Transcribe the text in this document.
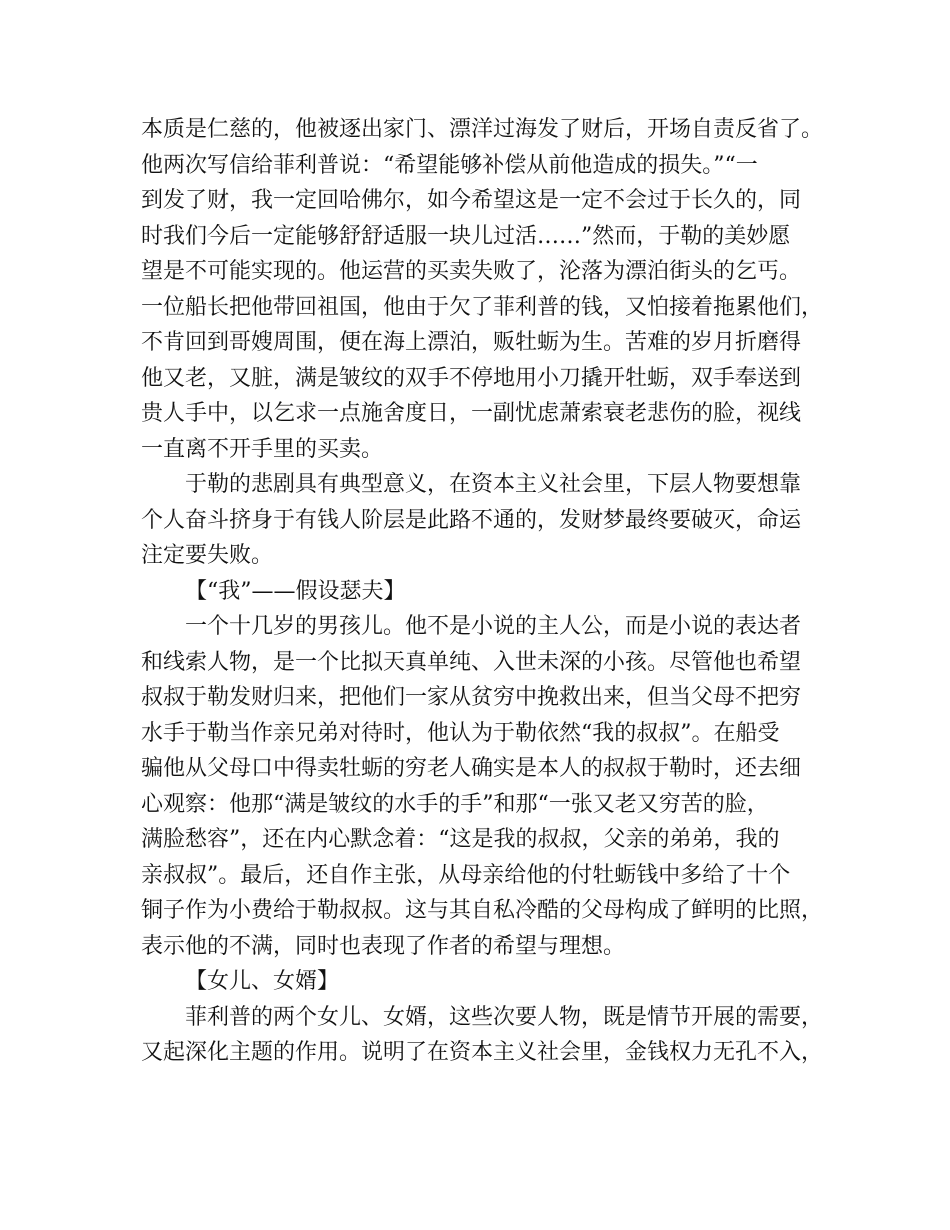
本质是仁慈的，他被逐出家门、漂洋过海发了财后，开场自责反省了。
他两次写信给菲利普说：“希望能够补偿从前他造成的损失。”“一
到发了财，我一定回哈佛尔，如今希望这是一定不会过于长久的，同
时我们今后一定能够舒舒适服一块儿过活……”然而，于勒的美妙愿
望是不可能实现的。他运营的买卖失败了，沦落为漂泊街头的乞丐。
一位船长把他带回祖国，他由于欠了菲利普的钱，又怕接着拖累他们，
不肯回到哥嫂周围，便在海上漂泊，贩牡蛎为生。苦难的岁月折磨得
他又老，又脏，满是皱纹的双手不停地用小刀撬开牡蛎，双手奉送到
贵人手中，以乞求一点施舍度日，一副忧虑萧索衰老悲伤的脸，视线
一直离不开手里的买卖。
于勒的悲剧具有典型意义，在资本主义社会里，下层人物要想靠
个人奋斗挤身于有钱人阶层是此路不通的，发财梦最终要破灭，命运
注定要失败。
【“我”——假设瑟夫】
一个十几岁的男孩儿。他不是小说的主人公，而是小说的表达者
和线索人物，是一个比拟天真单纯、入世未深的小孩。尽管他也希望
叔叔于勒发财归来，把他们一家从贫穷中挽救出来，但当父母不把穷
水手于勒当作亲兄弟对待时，他认为于勒依然“我的叔叔”。在船受
骗他从父母口中得卖牡蛎的穷老人确实是本人的叔叔于勒时，还去细
心观察：他那“满是皱纹的水手的手”和那“一张又老又穷苦的脸，
满脸愁容”，还在内心默念着：“这是我的叔叔，父亲的弟弟，我的
亲叔叔”。最后，还自作主张，从母亲给他的付牡蛎钱中多给了十个
铜子作为小费给于勒叔叔。这与其自私冷酷的父母构成了鲜明的比照，
表示他的不满，同时也表现了作者的希望与理想。
【女儿、女婿】
菲利普的两个女儿、女婿，这些次要人物，既是情节开展的需要，
又起深化主题的作用。说明了在资本主义社会里，金钱权力无孔不入，
